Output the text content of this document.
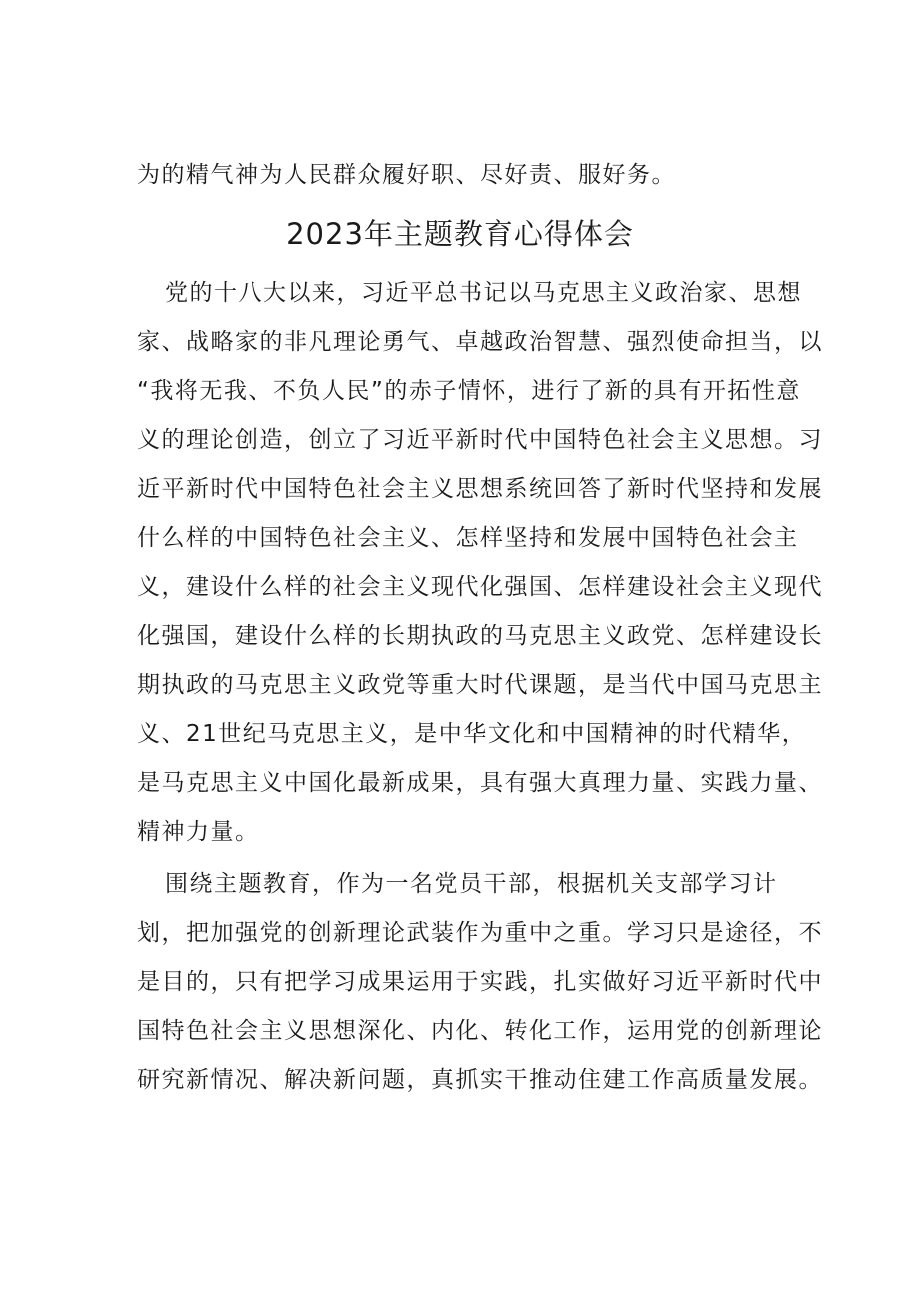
为的精气神为人民群众履好职、尽好责、服好务。
2023年主题教育心得体会
党的十八大以来，习近平总书记以马克思主义政治家、思想
家、战略家的非凡理论勇气、卓越政治智慧、强烈使命担当，以
“我将无我、不负人民”的赤子情怀，进行了新的具有开拓性意
义的理论创造，创立了习近平新时代中国特色社会主义思想。习
近平新时代中国特色社会主义思想系统回答了新时代坚持和发展
什么样的中国特色社会主义、怎样坚持和发展中国特色社会主
义，建设什么样的社会主义现代化强国、怎样建设社会主义现代
化强国，建设什么样的长期执政的马克思主义政党、怎样建设长
期执政的马克思主义政党等重大时代课题，是当代中国马克思主
义、21世纪马克思主义，是中华文化和中国精神的时代精华，
是马克思主义中国化最新成果，具有强大真理力量、实践力量、
精神力量。
围绕主题教育，作为一名党员干部，根据机关支部学习计
划，把加强党的创新理论武装作为重中之重。学习只是途径，不
是目的，只有把学习成果运用于实践，扎实做好习近平新时代中
国特色社会主义思想深化、内化、转化工作，运用党的创新理论
研究新情况、解决新问题，真抓实干推动住建工作高质量发展。
